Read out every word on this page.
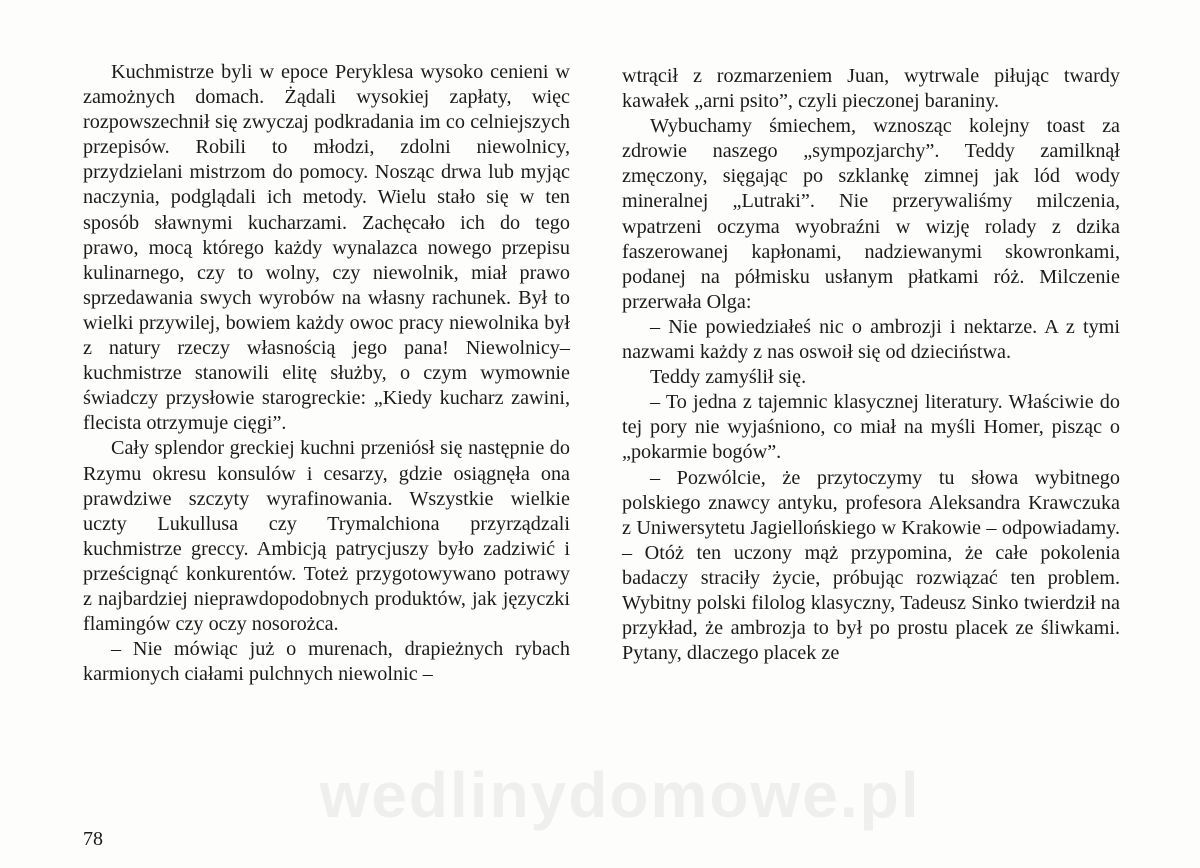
Kuchmistrze byli w epoce Peryklesa wysoko cenieni w zamożnych domach. Żądali wysokiej zapłaty, więc rozpowszechnił się zwyczaj podkradania im co celniejszych przepisów. Robili to młodzi, zdolni niewolnicy, przydzielani mistrzom do pomocy. Nosząc drwa lub myjąc naczynia, podglądali ich metody. Wielu stało się w ten sposób sławnymi kucharzami. Zachęcało ich do tego prawo, mocą którego każdy wynalazca nowego przepisu kulinarnego, czy to wolny, czy niewolnik, miał prawo sprzedawania swych wyrobów na własny rachunek. Był to wielki przywilej, bowiem każdy owoc pracy niewolnika był z natury rzeczy własnością jego pana! Niewolnicy–kuchmistrze stanowili elitę służby, o czym wymownie świadczy przysłowie starogreckie: „Kiedy kucharz zawini, flecista otrzymuje cięgi”.

Cały splendor greckiej kuchni przeniósł się następnie do Rzymu okresu konsulów i cesarzy, gdzie osiągnęła ona prawdziwe szczyty wyrafinowania. Wszystkie wielkie uczty Lukullusa czy Trymalchiona przyrządzali kuchmistrze greccy. Ambicją patrycjuszy było zadziwić i prześcignąć konkurentów. Toteż przygotowywano potrawy z najbardziej nieprawdopodobnych produktów, jak języczki flamingów czy oczy nosorożca.

– Nie mówiąc już o murenach, drapieżnych rybach karmionych ciałami pulchnych niewolnic –

wtrącił z rozmarzeniem Juan, wytrwale piłując twardy kawałek „arni psito”, czyli pieczonej baraniny.

Wybuchamy śmiechem, wznosząc kolejny toast za zdrowie naszego „sympozjarchy”. Teddy zamilknął zmęczony, sięgając po szklankę zimnej jak lód wody mineralnej „Lutraki”. Nie przerywaliśmy milczenia, wpatrzeni oczyma wyobraźni w wizję rolady z dzika faszerowanej kapłonami, nadziewanymi skowronkami, podanej na półmisku usłanym płatkami róż. Milczenie przerwała Olga:

– Nie powiedziałeś nic o ambrozji i nektarze. A z tymi nazwami każdy z nas oswoił się od dzieciństwa.

Teddy zamyślił się.

– To jedna z tajemnic klasycznej literatury. Właściwie do tej pory nie wyjaśniono, co miał na myśli Homer, pisząc o „pokarmie bogów”.

– Pozwólcie, że przytoczymy tu słowa wybitnego polskiego znawcy antyku, profesora Aleksandra Krawczuka z Uniwersytetu Jagiellońskiego w Krakowie – odpowiadamy. – Otóż ten uczony mąż przypomina, że całe pokolenia badaczy straciły życie, próbując rozwiązać ten problem. Wybitny polski filolog klasyczny, Tadeusz Sinko twierdził na przykład, że ambrozja to był po prostu placek ze śliwkami. Pytany, dlaczego placek ze

wedlinydomowe.pl
78
